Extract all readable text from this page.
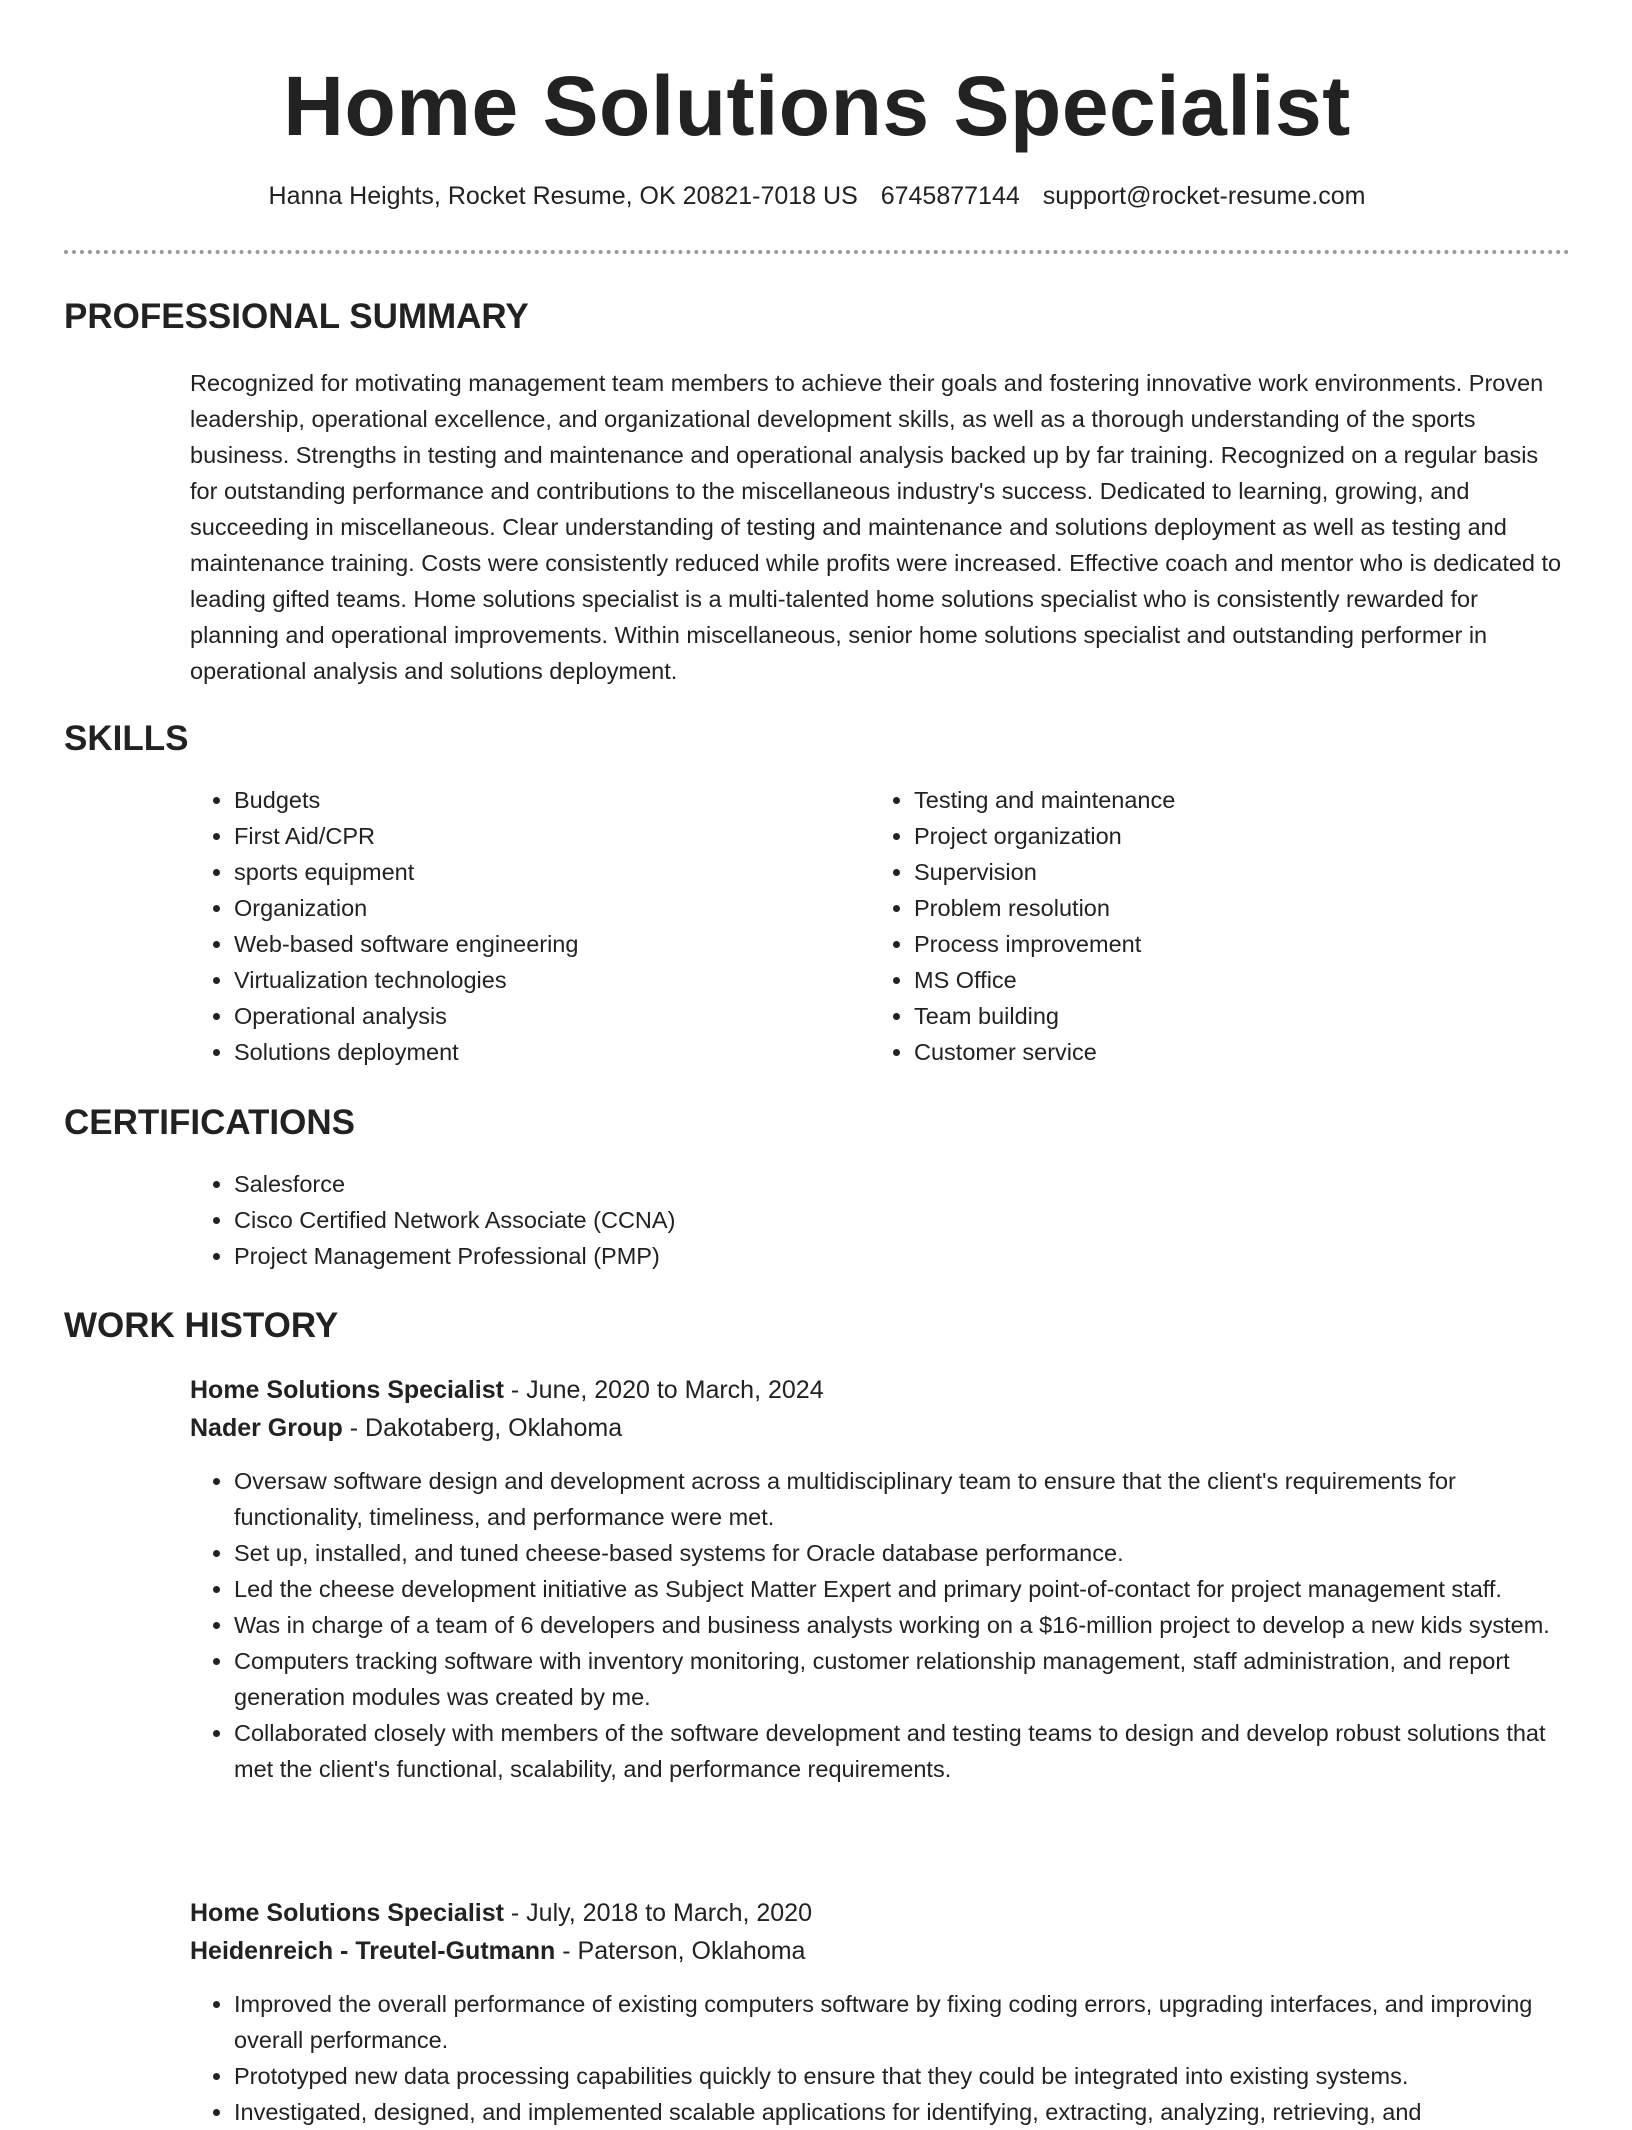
Home Solutions Specialist
Hanna Heights, Rocket Resume, OK 20821-7018 US 6745877144 support@rocket-resume.com
PROFESSIONAL SUMMARY
Recognized for motivating management team members to achieve their goals and fostering innovative work environments. Proven leadership, operational excellence, and organizational development skills, as well as a thorough understanding of the sports business. Strengths in testing and maintenance and operational analysis backed up by far training. Recognized on a regular basis for outstanding performance and contributions to the miscellaneous industry's success. Dedicated to learning, growing, and succeeding in miscellaneous. Clear understanding of testing and maintenance and solutions deployment as well as testing and maintenance training. Costs were consistently reduced while profits were increased. Effective coach and mentor who is dedicated to leading gifted teams. Home solutions specialist is a multi-talented home solutions specialist who is consistently rewarded for planning and operational improvements. Within miscellaneous, senior home solutions specialist and outstanding performer in operational analysis and solutions deployment.
SKILLS
• Budgets
• First Aid/CPR
• sports equipment
• Organization
• Web-based software engineering
• Virtualization technologies
• Operational analysis
• Solutions deployment
• Testing and maintenance
• Project organization
• Supervision
• Problem resolution
• Process improvement
• MS Office
• Team building
• Customer service
CERTIFICATIONS
• Salesforce
• Cisco Certified Network Associate (CCNA)
• Project Management Professional (PMP)
WORK HISTORY
Home Solutions Specialist - June, 2020 to March, 2024
Nader Group - Dakotaberg, Oklahoma
• Oversaw software design and development across a multidisciplinary team to ensure that the client's requirements for functionality, timeliness, and performance were met.
• Set up, installed, and tuned cheese-based systems for Oracle database performance.
• Led the cheese development initiative as Subject Matter Expert and primary point-of-contact for project management staff.
• Was in charge of a team of 6 developers and business analysts working on a $16-million project to develop a new kids system.
• Computers tracking software with inventory monitoring, customer relationship management, staff administration, and report generation modules was created by me.
• Collaborated closely with members of the software development and testing teams to design and develop robust solutions that met the client's functional, scalability, and performance requirements.
Home Solutions Specialist - July, 2018 to March, 2020
Heidenreich - Treutel-Gutmann - Paterson, Oklahoma
• Improved the overall performance of existing computers software by fixing coding errors, upgrading interfaces, and improving overall performance.
• Prototyped new data processing capabilities quickly to ensure that they could be integrated into existing systems.
• Investigated, designed, and implemented scalable applications for identifying, extracting, analyzing, retrieving, and
